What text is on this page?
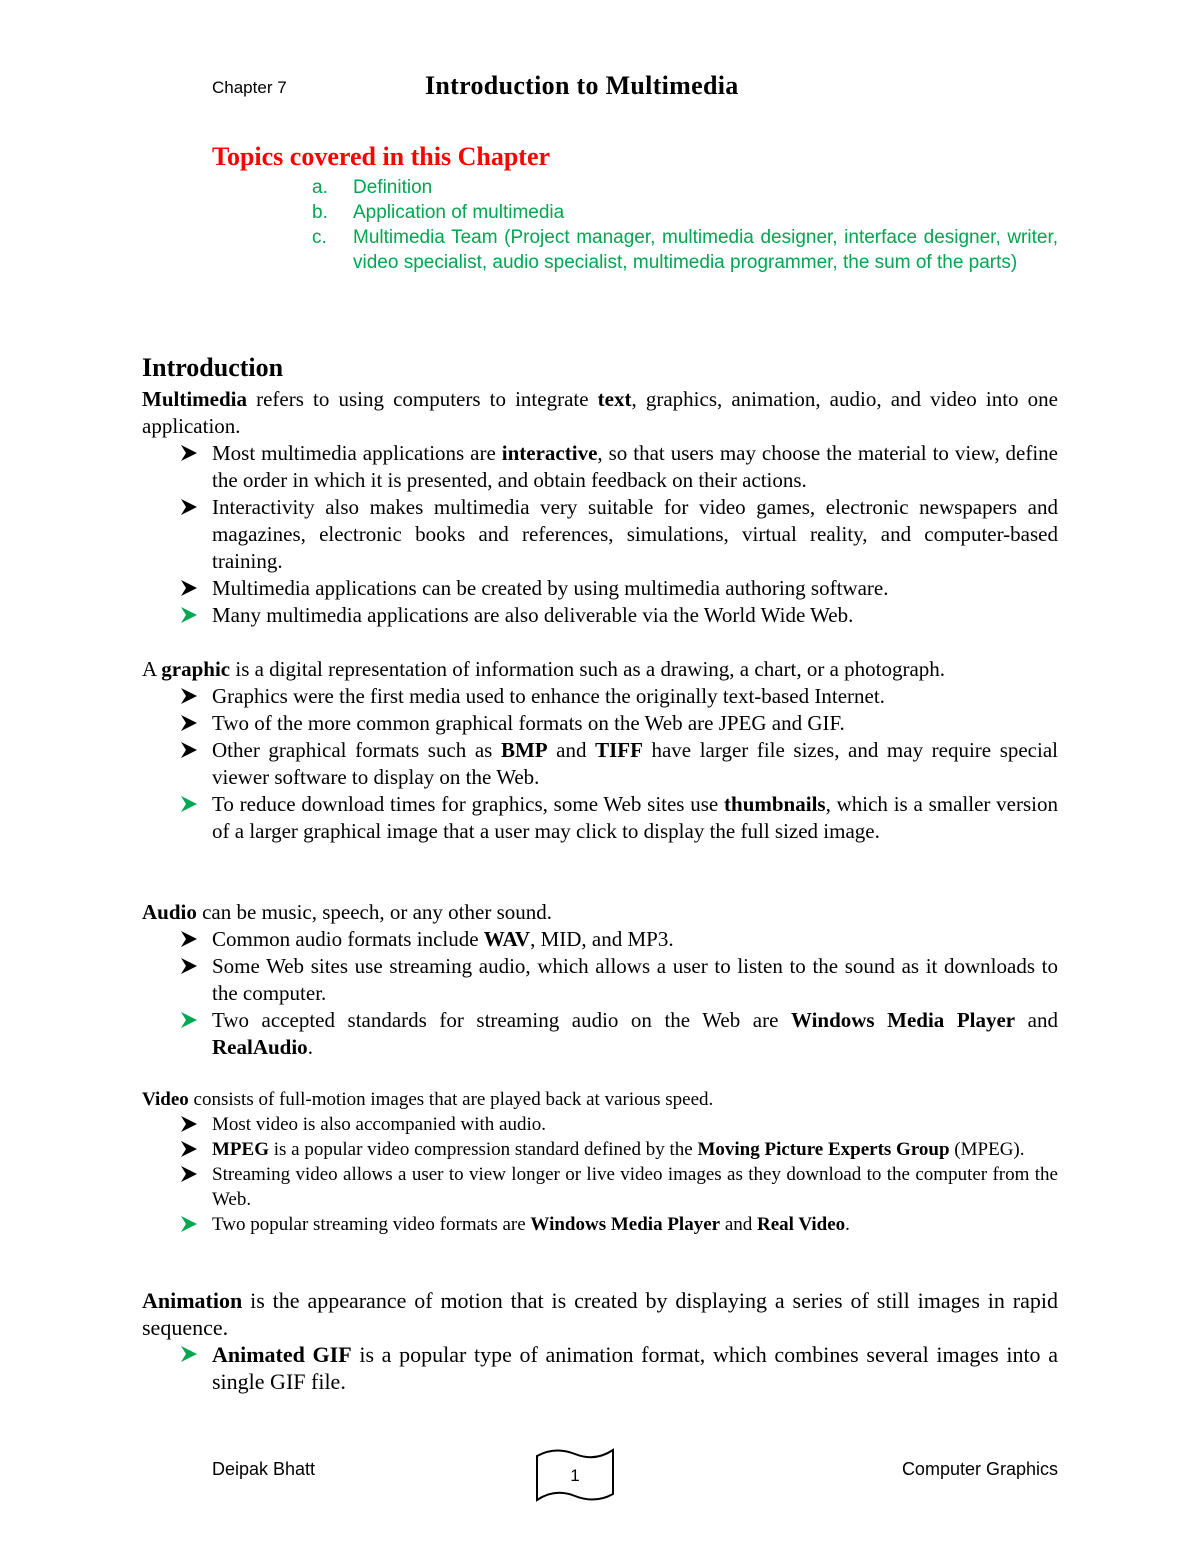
Chapter 7	Introduction to Multimedia
Topics covered in this Chapter
a. Definition
b. Application of multimedia
c. Multimedia Team (Project manager, multimedia designer, interface designer, writer, video specialist, audio specialist, multimedia programmer, the sum of the parts)
Introduction

Multimedia refers to using computers to integrate text, graphics, animation, audio, and video into one application.

Most multimedia applications are interactive, so that users may choose the material to view, define the order in which it is presented, and obtain feedback on their actions.
Interactivity also makes multimedia very suitable for video games, electronic newspapers and magazines, electronic books and references, simulations, virtual reality, and computer-based training.
Multimedia applications can be created by using multimedia authoring software.
Many multimedia applications are also deliverable via the World Wide Web.

A graphic is a digital representation of information such as a drawing, a chart, or a photograph.

Graphics were the first media used to enhance the originally text-based Internet.
Two of the more common graphical formats on the Web are JPEG and GIF.
Other graphical formats such as BMP and TIFF have larger file sizes, and may require special viewer software to display on the Web.
To reduce download times for graphics, some Web sites use thumbnails, which is a smaller version of a larger graphical image that a user may click to display the full sized image.

Audio can be music, speech, or any other sound.

Common audio formats include WAV, MID, and MP3.
Some Web sites use streaming audio, which allows a user to listen to the sound as it downloads to the computer.
Two accepted standards for streaming audio on the Web are Windows Media Player and RealAudio.

Video consists of full-motion images that are played back at various speed.

Most video is also accompanied with audio.
MPEG is a popular video compression standard defined by the Moving Picture Experts Group (MPEG).
Streaming video allows a user to view longer or live video images as they download to the computer from the Web.
Two popular streaming video formats are Windows Media Player and Real Video.

Animation is the appearance of motion that is created by displaying a series of still images in rapid sequence.

Animated GIF is a popular type of animation format, which combines several images into a single GIF file.
Deipak Bhatt	1	Computer Graphics
